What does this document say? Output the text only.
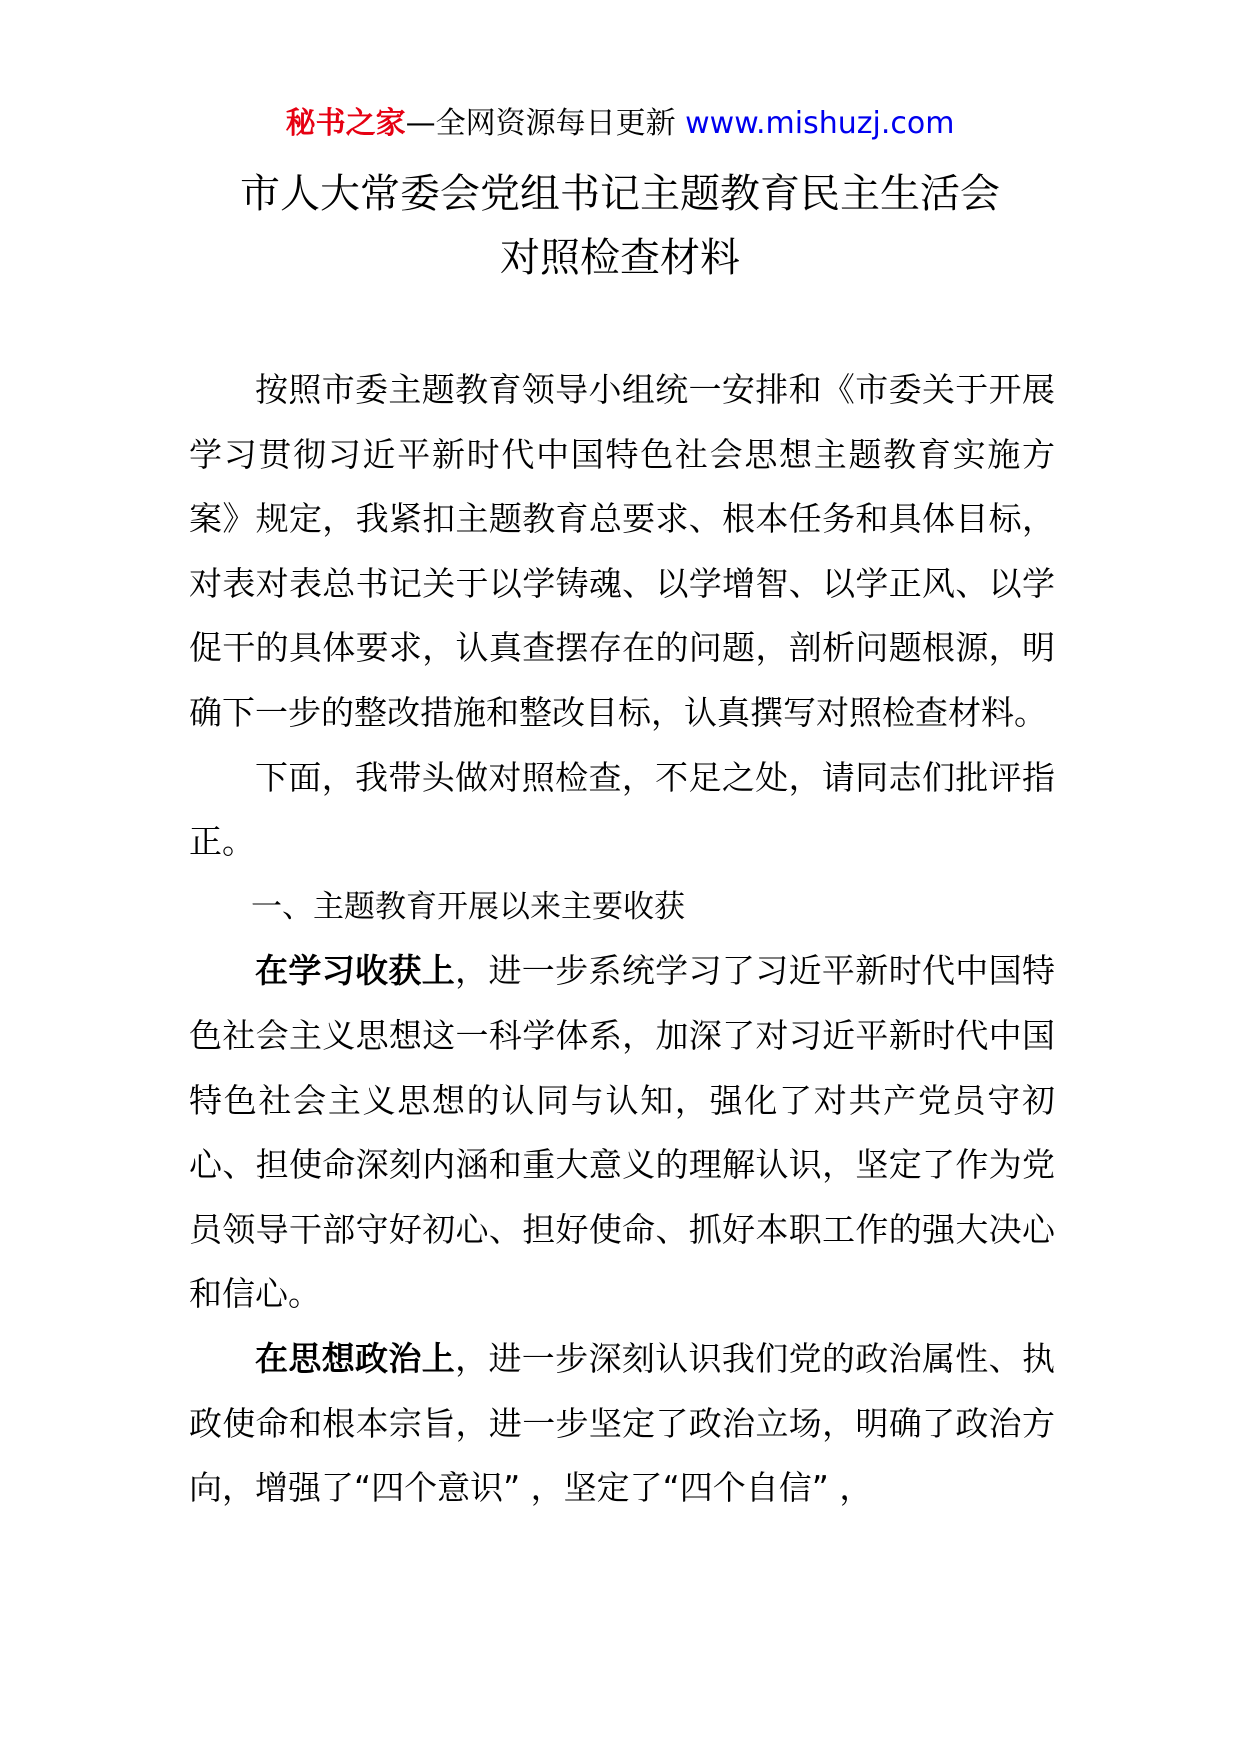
秘书之家—全网资源每日更新 www.mishuzj.com
市人大常委会党组书记主题教育民主生活会
对照检查材料

按照市委主题教育领导小组统一安排和《市委关于开展学习贯彻习近平新时代中国特色社会思想主题教育实施方案》规定，我紧扣主题教育总要求、根本任务和具体目标，对表对表总书记关于以学铸魂、以学增智、以学正风、以学促干的具体要求，认真查摆存在的问题，剖析问题根源，明确下一步的整改措施和整改目标，认真撰写对照检查材料。

下面，我带头做对照检查，不足之处，请同志们批评指正。

一、主题教育开展以来主要收获

在学习收获上，进一步系统学习了习近平新时代中国特色社会主义思想这一科学体系，加深了对习近平新时代中国特色社会主义思想的认同与认知，强化了对共产党员守初心、担使命深刻内涵和重大意义的理解认识，坚定了作为党员领导干部守好初心、担好使命、抓好本职工作的强大决心和信心。

在思想政治上，进一步深刻认识我们党的政治属性、执政使命和根本宗旨，进一步坚定了政治立场，明确了政治方向，增强了“四个意识” ，坚定了“四个自信” ，
